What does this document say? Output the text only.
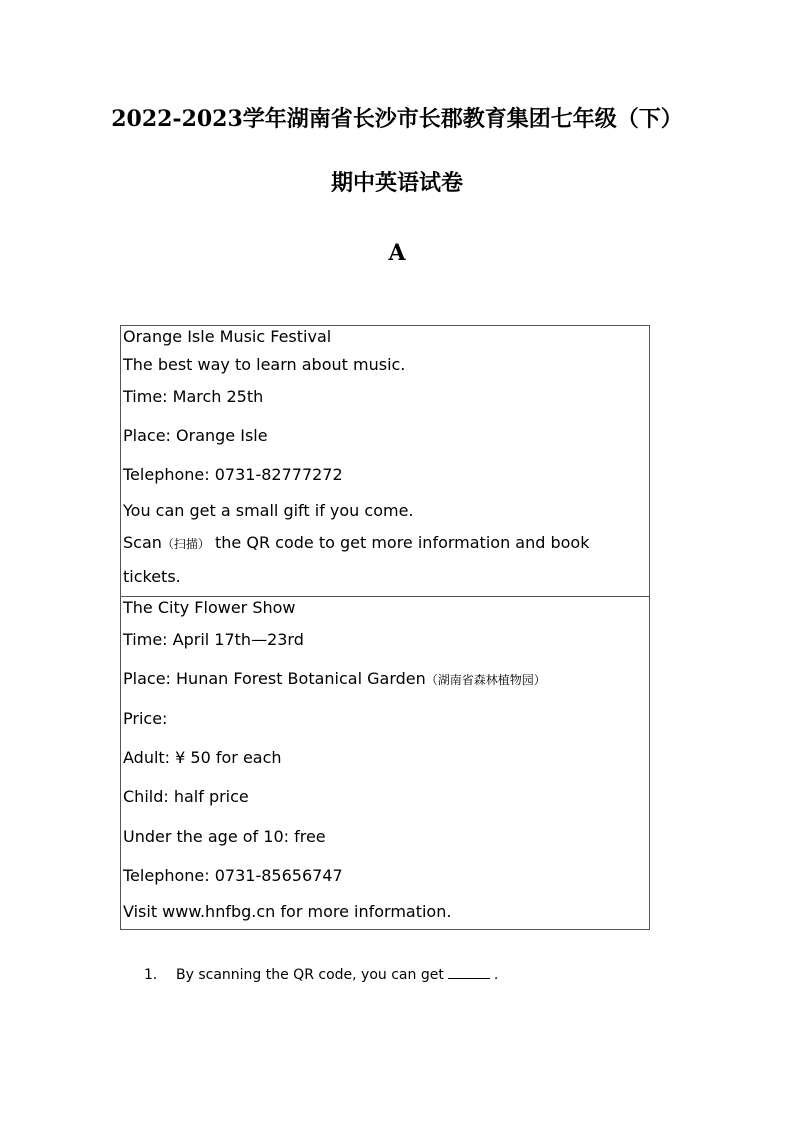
2022-2023学年湖南省长沙市长郡教育集团七年级（下）
期中英语试卷
A

Orange Isle Music Festival

The best way to learn about music.

Time: March 25th

Place: Orange Isle

Telephone: 0731-82777272

You can get a small gift if you come.

Scan（扫描） the QR code to get more information and book

tickets.

The City Flower Show

Time: April 17th—23rd

Place: Hunan Forest Botanical Garden（湖南省森林植物园）

Price:

Adult: ¥ 50 for each

Child: half price

Under the age of 10: free

Telephone: 0731-85656747

Visit www.hnfbg.cn for more information.

1． By scanning the QR code, you can get	.
